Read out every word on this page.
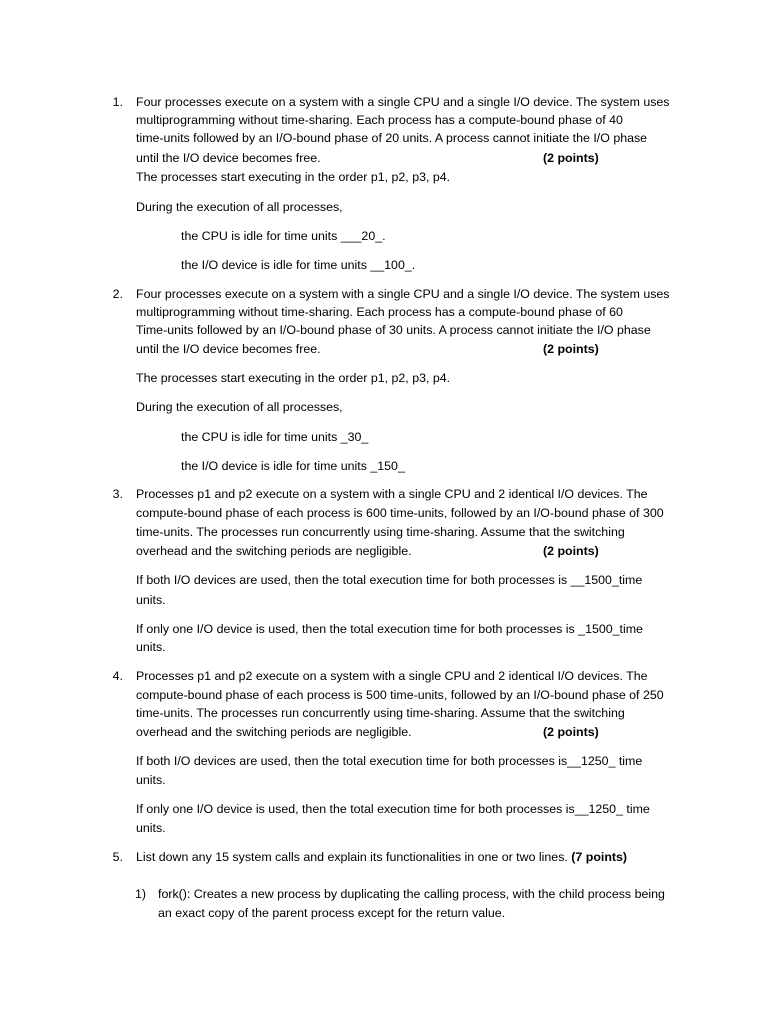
1. Four processes execute on a system with a single CPU and a single I/O device. The system uses
multiprogramming without time-sharing. Each process has a compute-bound phase of 40
time-units followed by an I/O-bound phase of 20 units. A process cannot initiate the I/O phase
until the I/O device becomes free.	(2 points)
The processes start executing in the order p1, p2, p3, p4.
During the execution of all processes,
the CPU is idle for time units ___20_.
the I/O device is idle for time units __100_.
2. Four processes execute on a system with a single CPU and a single I/O device. The system uses
multiprogramming without time-sharing. Each process has a compute-bound phase of 60
Time-units followed by an I/O-bound phase of 30 units. A process cannot initiate the I/O phase
until the I/O device becomes free.	(2 points)
The processes start executing in the order p1, p2, p3, p4.
During the execution of all processes,
the CPU is idle for time units _30_
the I/O device is idle for time units _150_
3. Processes p1 and p2 execute on a system with a single CPU and 2 identical I/O devices. The
compute-bound phase of each process is 600 time-units, followed by an I/O-bound phase of 300
time-units. The processes run concurrently using time-sharing. Assume that the switching
overhead and the switching periods are negligible.	(2 points)
If both I/O devices are used, then the total execution time for both processes is __1500_time
units.
If only one I/O device is used, then the total execution time for both processes is _1500_time
units.
4. Processes p1 and p2 execute on a system with a single CPU and 2 identical I/O devices. The
compute-bound phase of each process is 500 time-units, followed by an I/O-bound phase of 250
time-units. The processes run concurrently using time-sharing. Assume that the switching
overhead and the switching periods are negligible.	(2 points)
If both I/O devices are used, then the total execution time for both processes is__1250_ time
units.
If only one I/O device is used, then the total execution time for both processes is__1250_ time
units.
5. List down any 15 system calls and explain its functionalities in one or two lines. (7 points)
1) fork(): Creates a new process by duplicating the calling process, with the child process being
an exact copy of the parent process except for the return value.
